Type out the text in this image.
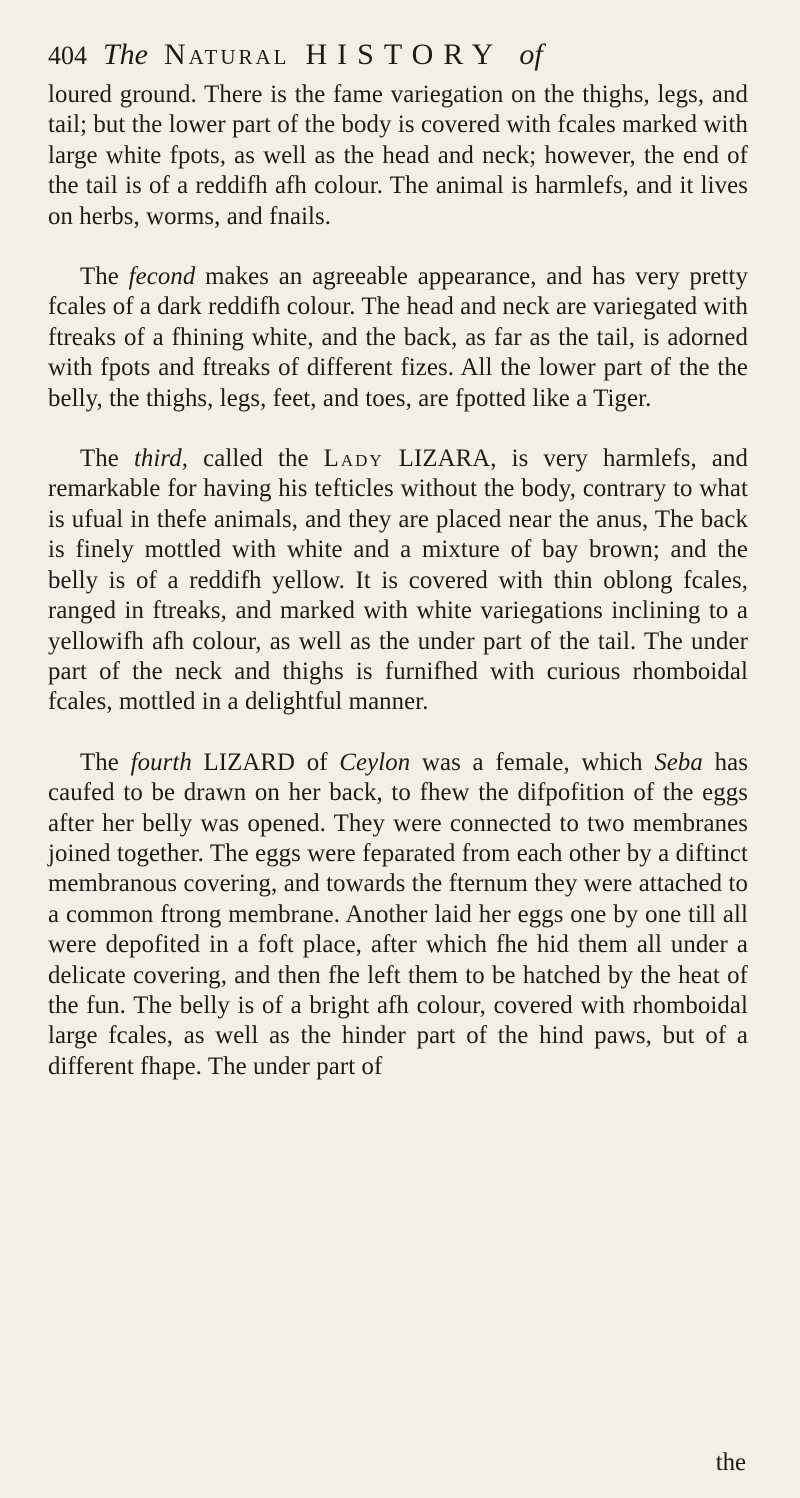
404 The Natural HISTORY of

loured ground. There is the fame variegation on the thighs, legs, and tail; but the lower part of the body is covered with fcales marked with large white fpots, as well as the head and neck; however, the end of the tail is of a reddifh afh colour. The animal is harmlefs, and it lives on herbs, worms, and fnails.

The fecond makes an agreeable appearance, and has very pretty fcales of a dark reddifh colour. The head and neck are variegated with ftreaks of a fhining white, and the back, as far as the tail, is adorned with fpots and ftreaks of different fizes. All the lower part of the the belly, the thighs, legs, feet, and toes, are fpotted like a Tiger.

The third, called the Lady LIZARA, is very harmlefs, and remarkable for having his tefticles without the body, contrary to what is ufual in thefe animals, and they are placed near the anus, The back is finely mottled with white and a mixture of bay brown; and the belly is of a reddifh yellow. It is covered with thin oblong fcales, ranged in ftreaks, and marked with white variegations inclining to a yellowifh afh colour, as well as the under part of the tail. The under part of the neck and thighs is furnifhed with curious rhomboidal fcales, mottled in a delightful manner.

The fourth LIZARD of Ceylon was a female, which Seba has caufed to be drawn on her back, to fhew the difpofition of the eggs after her belly was opened. They were connected to two membranes joined together. The eggs were feparated from each other by a diftinct membranous covering, and towards the fternum they were attached to a common ftrong membrane. Another laid her eggs one by one till all were depofited in a foft place, after which fhe hid them all under a delicate covering, and then fhe left them to be hatched by the heat of the fun. The belly is of a bright afh colour, covered with rhomboidal large fcales, as well as the hinder part of the hind paws, but of a different fhape. The under part of

the
